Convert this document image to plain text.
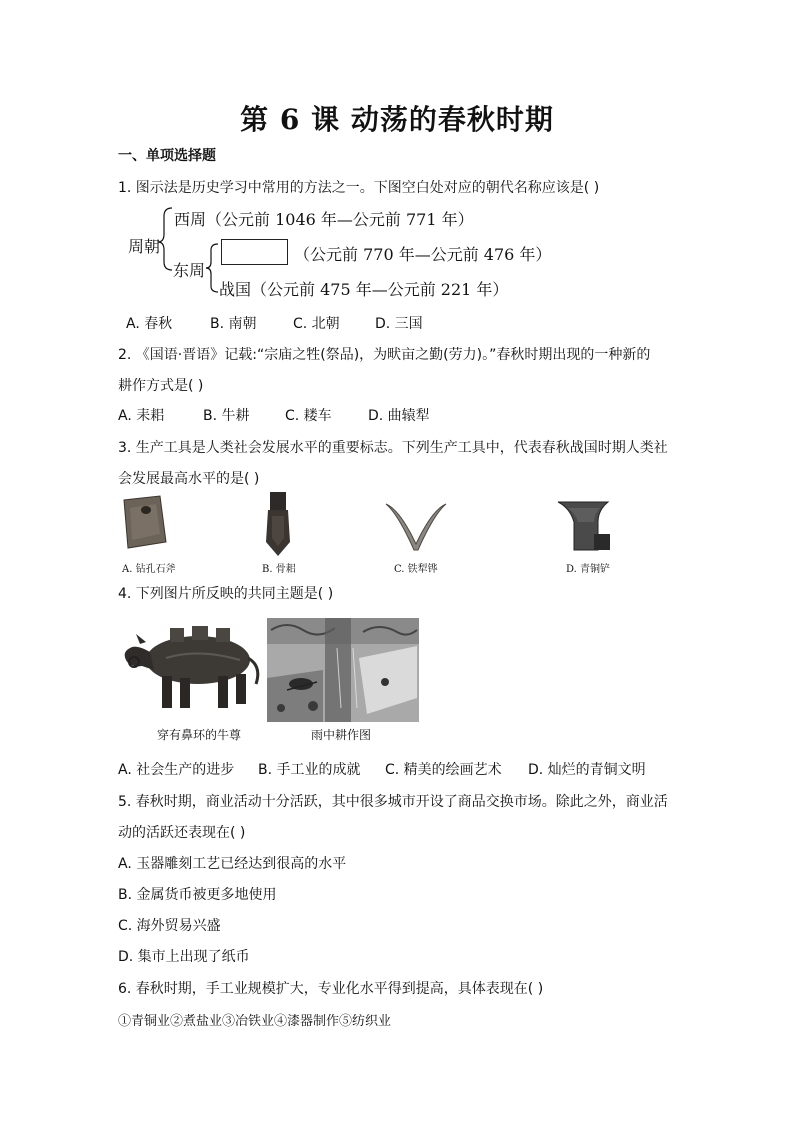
第 6 课 动荡的春秋时期
一、单项选择题
1. 图示法是历史学习中常用的方法之一。下图空白处对应的朝代名称应该是( )
周朝
西周（公元前 1046 年—公元前 771 年）
东周
（公元前 770 年—公元前 476 年）
战国（公元前 475 年—公元前 221 年）
A. 春秋	B. 南朝	C. 北朝	D. 三国
2. 《国语·晋语》记载:“宗庙之牲(祭品)，为畎亩之勤(劳力)。”春秋时期出现的一种新的
耕作方式是( )
A. 耒耜	B. 牛耕	C. 耧车	D. 曲辕犁
3. 生产工具是人类社会发展水平的重要标志。下列生产工具中，代表春秋战国时期人类社
会发展最高水平的是( )
A. 钻孔石斧	B. 骨耜	C. 铁犁铧	D. 青铜铲
4. 下列图片所反映的共同主题是( )
穿有鼻环的牛尊	雨中耕作图
A. 社会生产的进步 B. 手工业的成就 C. 精美的绘画艺术 D. 灿烂的青铜文明
5. 春秋时期，商业活动十分活跃，其中很多城市开设了商品交换市场。除此之外，商业活
动的活跃还表现在( )
A. 玉器雕刻工艺已经达到很高的水平
B. 金属货币被更多地使用
C. 海外贸易兴盛
D. 集市上出现了纸币
6. 春秋时期，手工业规模扩大，专业化水平得到提高，具体表现在( )
①青铜业②煮盐业③冶铁业④漆器制作⑤纺织业
